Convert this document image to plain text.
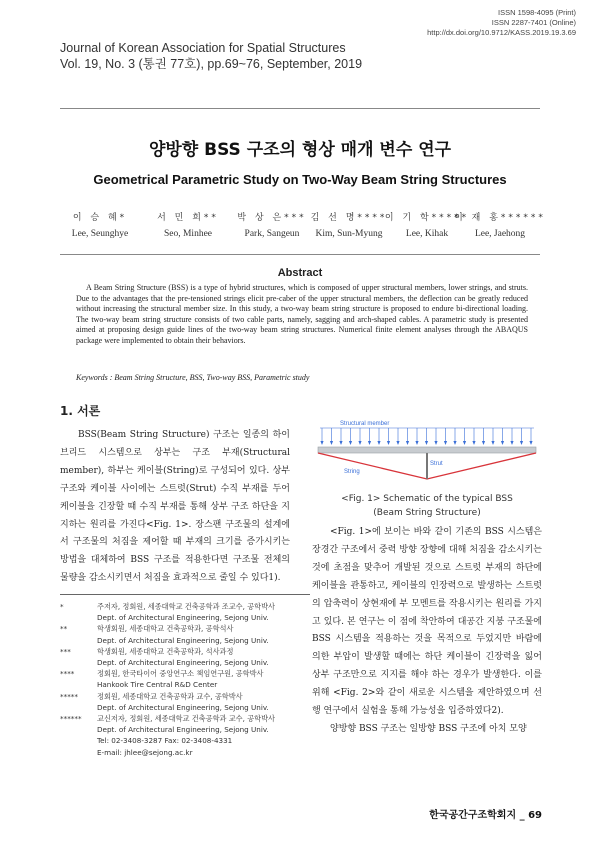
ISSN 1598-4095 (Print)
ISSN 2287-7401 (Online)
http://dx.doi.org/10.9712/KASS.2019.19.3.69
Journal of Korean Association for Spatial Structures
Vol. 19, No. 3 (통권 77호), pp.69~76, September, 2019
양방향 BSS 구조의 형상 매개 변수 연구
Geometrical Parametric Study on Two-Way Beam String Structures
이 승 혜*
Lee, Seunghye
서 민 희**
Seo, Minhee
박 상 은***
Park, Sangeun
김 선 명****
Kim, Sun-Myung
이 기 학*****
Lee, Kihak
이 재 홍******
Lee, Jaehong
Abstract
A Beam String Structure (BSS) is a type of hybrid structures, which is composed of upper structural members, lower strings, and struts. Due to the advantages that the pre-tensioned strings elicit pre-caber of the upper structural members, the deflection can be greatly reduced without increasing the structural member size. In this study, a two-way beam string structure is proposed to endure bi-directional loading. The two-way beam string structure consists of two cable parts, namely, sagging and arch-shaped cables. A parametric study is presented aimed at proposing design guide lines of the two-way beam string structures. Numerical finite element analyses through the ABAQUS package were implemented to obtain their behaviors.
Keywords : Beam String Structure, BSS, Two-way BSS, Parametric study
1. 서론

BSS(Beam String Structure) 구조는 일종의 하이브리드 시스템으로 상부는 구조 부재(Structural member), 하부는 케이블(String)로 구성되어 있다. 상부 구조와 케이블 사이에는 스트럿(Strut) 수직 부재를 두어 케이블을 긴장할 때 수직 부재를 통해 상부 구조 하단을 지지하는 원리를 가진다<Fig. 1>. 장스팬 구조물의 설계에서 구조물의 처짐을 제어할 때 부재의 크기를 증가시키는 방법을 대체하여 BSS 구조를 적용한다면 구조물 전체의 물량을 감소시키면서 처짐을 효과적으로 줄일 수 있다1).

*	주저자, 정회원, 세종대학교 건축공학과 조교수, 공학박사
Dept. of Architectural Engineering, Sejong Univ.
**	학생회원, 세종대학교 건축공학과, 공학석사
Dept. of Architectural Engineering, Sejong Univ.
***	학생회원, 세종대학교 건축공학과, 석사과정
Dept. of Architectural Engineering, Sejong Univ.
****	정회원, 한국타이어 중앙연구소 책임연구원, 공학박사
Hankook Tire Central R&D Center
*****	정회원, 세종대학교 건축공학과 교수, 공학박사
Dept. of Architectural Engineering, Sejong Univ.
******	교신저자, 정회원, 세종대학교 건축공학과 교수, 공학박사
Dept. of Architectural Engineering, Sejong Univ.
Tel: 02-3408-3287 Fax: 02-3408-4331
E-mail: jhlee@sejong.ac.kr
Structural member
Strut
String
<Fig. 1> Schematic of the typical BSS
(Beam String Structure)

<Fig. 1>에 보이는 바와 같이 기존의 BSS 시스템은 장경간 구조에서 중력 방향 장향에 대해 처짐을 감소시키는 것에 초점을 맞추어 개발된 것으로 스트럿 부재의 하단에 케이블을 관통하고, 케이블의 인장력으로 발생하는 스트럿의 압축력이 상현재에 부 모멘트를 작용시키는 원리를 가지고 있다. 본 연구는 이 점에 착안하여 대공간 지붕 구조물에 BSS 시스템을 적용하는 것을 목적으로 두었지만 바람에 의한 부압이 발생할 때에는 하단 케이블이 긴장력을 잃어 상부 구조만으로 지지를 해야 하는 경우가 발생한다. 이를 위해 <Fig. 2>와 같이 새로운 시스템을 제안하였으며 선행 연구에서 실험을 통해 가능성을 입증하였다2).

양방향 BSS 구조는 일방향 BSS 구조에 아치 모양

한국공간구조학회지 _ 69
